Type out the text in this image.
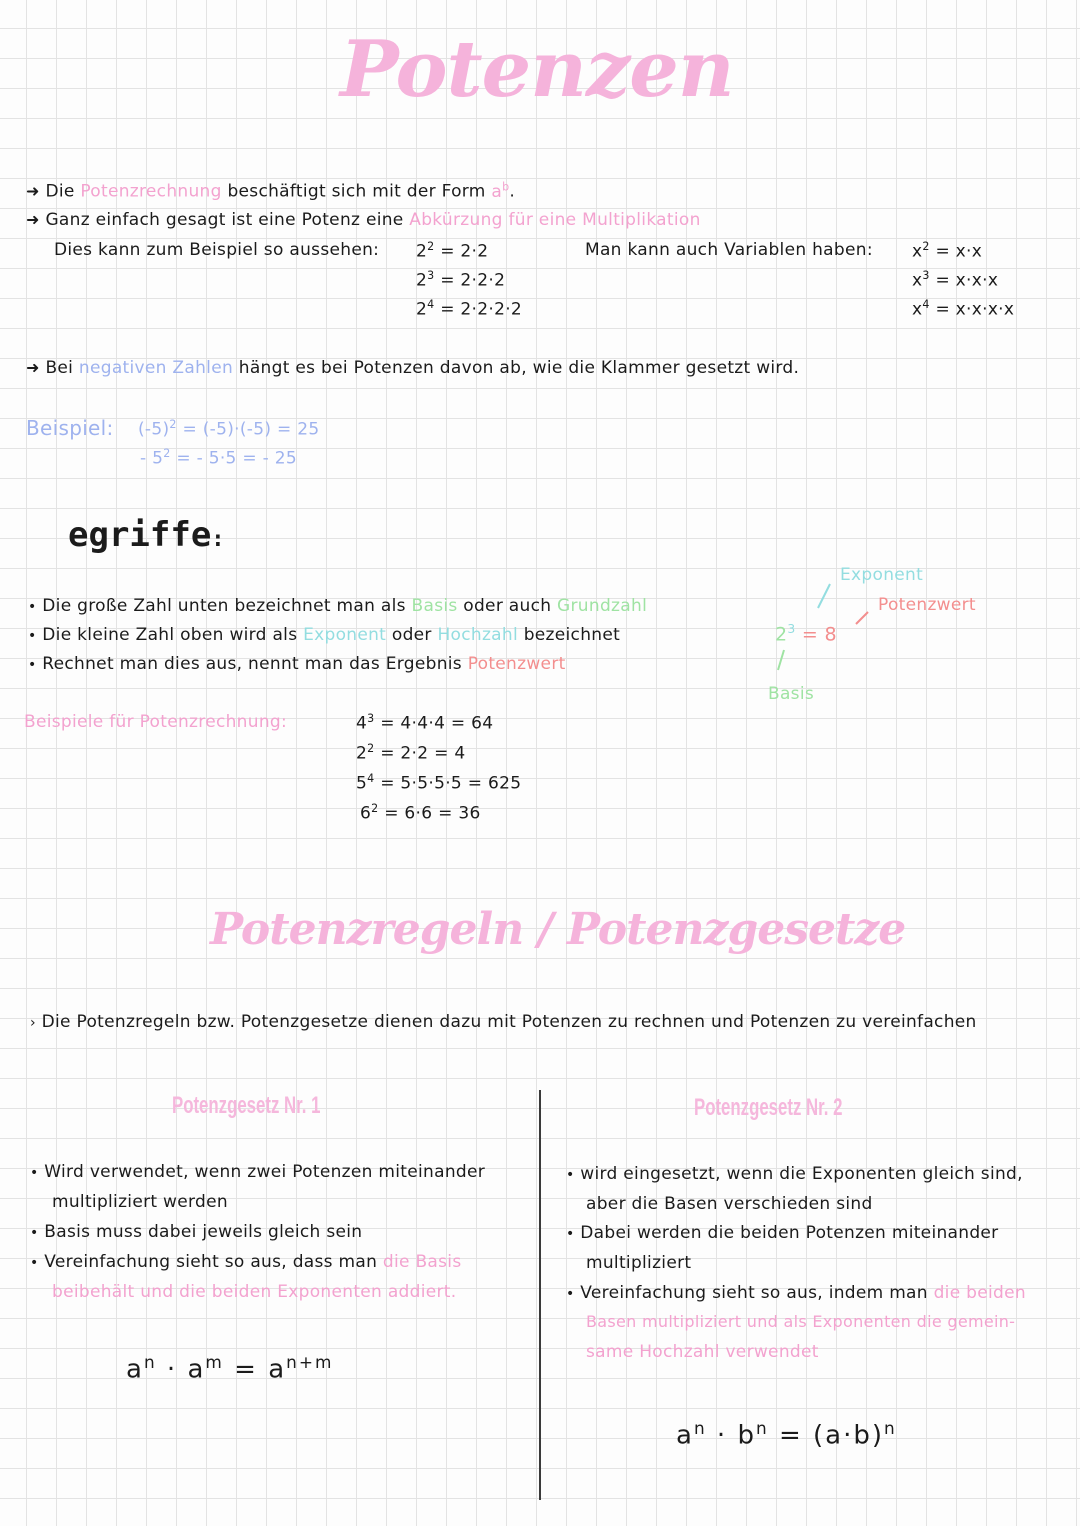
Potenzen
➜ Die Potenzrechnung beschäftigt sich mit der Form $a^b$.
➜ Ganz einfach gesagt ist eine Potenz eine Abkürzung für eine Multiplikation
Dies kann zum Beispiel so aussehen:	Man kann auch Variablen haben:
$2^2 = 2\cdot 2$
$2^3 = 2\cdot 2\cdot 2$
$2^4 = 2\cdot 2\cdot 2\cdot 2$
$x^2 = x\cdot x$
$x^3 = x\cdot x\cdot x$
$x^4 = x\cdot x\cdot x\cdot x$
➜ Bei negativen Zahlen hängt es bei Potenzen davon ab, wie die Klammer gesetzt wird.
Beispiel: $(-5)^2 = (-5)\cdot(-5) = 25$
- $5^2$ = - 5·5 = - 25
egriffe:
• Die große Zahl unten bezeichnet man als Basis oder auch Grundzahl
• Die kleine Zahl oben wird als Exponent oder Hochzahl bezeichnet
• Rechnet man dies aus, nennt man das Ergebnis Potenzwert
$2^3 = 8$
Exponent
Potenzwert
Basis
Beispiele für Potenzrechnung:	$4^3 = 4\cdot 4\cdot 4 = 64$
$2^2 = 2\cdot 2 = 4$
$5^4 = 5\cdot 5\cdot 5\cdot 5 = 625$
$6^2 = 6\cdot 6 = 36$
Potenzregeln / Potenzgesetze
› Die Potenzregeln bzw. Potenzgesetze dienen dazu mit Potenzen zu rechnen und Potenzen zu vereinfachen
Potenzgesetz Nr. 1
• Wird verwendet, wenn zwei Potenzen miteinander
multipliziert werden
• Basis muss dabei jeweils gleich sein
• Vereinfachung sieht so aus, dass man die Basis
beibehält und die beiden Exponenten addiert.
$a^n \cdot a^m = a^{n+m}$
Potenzgesetz Nr. 2
• wird eingesetzt, wenn die Exponenten gleich sind,
aber die Basen verschieden sind
• Dabei werden die beiden Potenzen miteinander
multipliziert
• Vereinfachung sieht so aus, indem man die beiden
Basen multipliziert und als Exponenten die gemein-
same Hochzahl verwendet
$a^n \cdot b^n = (a\cdot b)^n$
